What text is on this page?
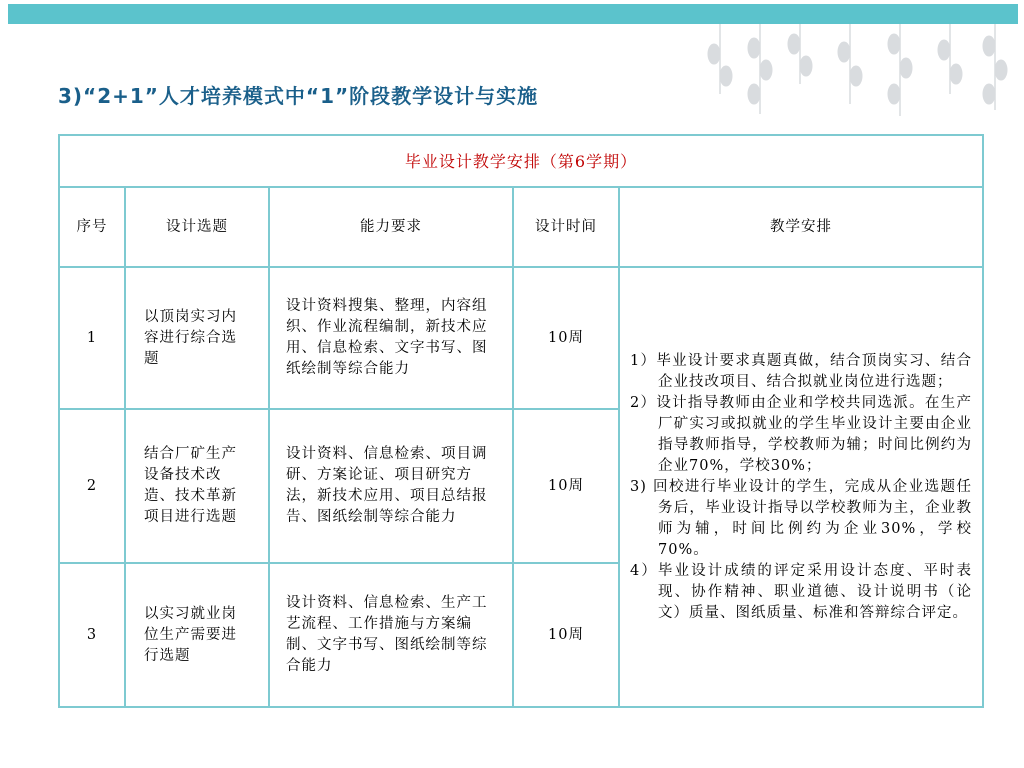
3)“2+1”人才培养模式中“1”阶段教学设计与实施
毕业设计教学安排（第6学期）				
序号	设计选题	能力要求	设计时间	教学安排
1	以顶岗实习内容进行综合选题	设计资料搜集、整理，内容组织、作业流程编制，新技术应用、信息检索、文字书写、图纸绘制等综合能力	10周	1）毕业设计要求真题真做，结合顶岗实习、结合企业技改项目、结合拟就业岗位进行选题；
2）设计指导教师由企业和学校共同选派。在生产厂矿实习或拟就业的学生毕业设计主要由企业指导教师指导，学校教师为辅；时间比例约为企业70%，学校30%；
3) 回校进行毕业设计的学生，完成从企业选题任务后，毕业设计指导以学校教师为主，企业教师为辅，时间比例约为企业30%，学校70%。
4）毕业设计成绩的评定采用设计态度、平时表现、协作精神、职业道德、设计说明书（论文）质量、图纸质量、标准和答辩综合评定。

2	结合厂矿生产设备技术改造、技术革新项目进行选题	设计资料、信息检索、项目调研、方案论证、项目研究方法，新技术应用、项目总结报告、图纸绘制等综合能力	10周	
3	以实习就业岗位生产需要进行选题	设计资料、信息检索、生产工艺流程、工作措施与方案编制、文字书写、图纸绘制等综合能力	10周	
